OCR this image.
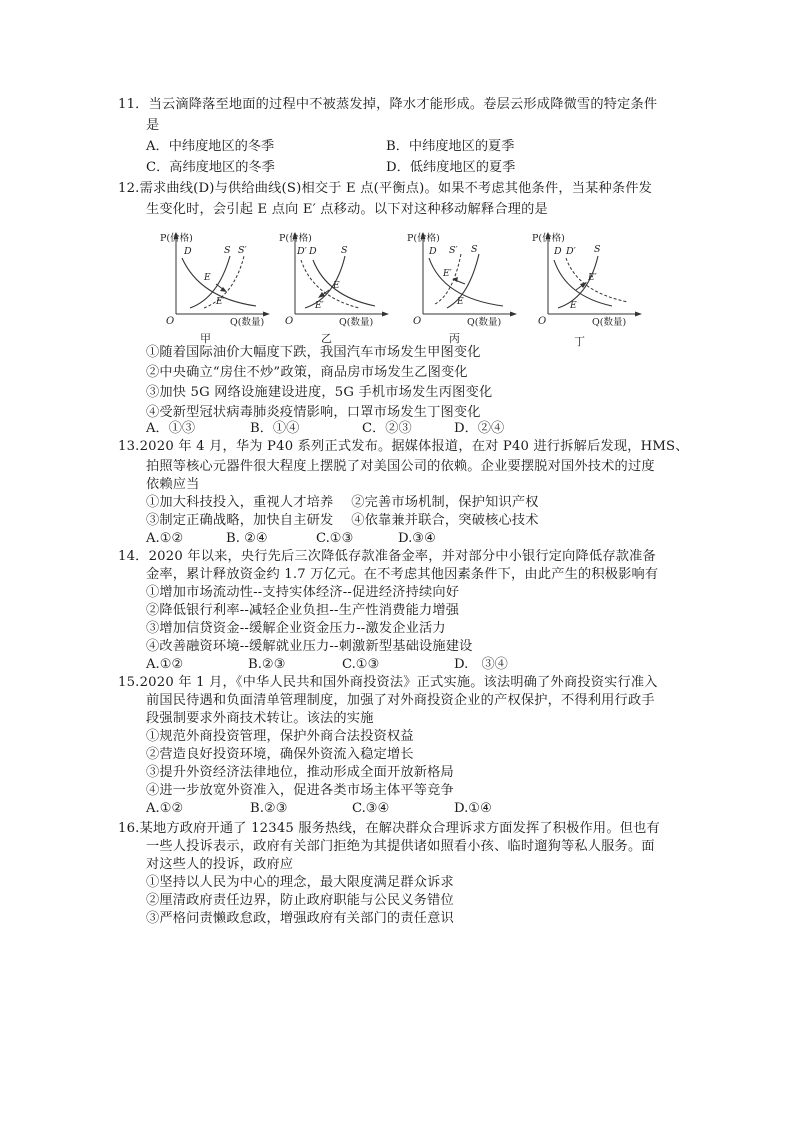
11．当云滴降落至地面的过程中不被蒸发掉，降水才能形成。卷层云形成降微雪的特定条件
是
A．中纬度地区的冬季	B．中纬度地区的夏季
C．高纬度地区的冬季	D．低纬度地区的夏季
12.需求曲线(D)与供给曲线(S)相交于 E 点(平衡点)。如果不考虑其他条件，当某种条件发
生变化时，会引起 E 点向 E′ 点移动。以下对这种移动解释合理的是
P(价格)
O	Q(数量)
D	S S′
E
E′
甲
P(价格)
O	Q(数量)
D′ D	S
E
E′
乙
P(价格)
O	Q(数量)
D S′ S
E′
E
丙
P(价格)
O	Q(数量)
D D′ S
E′
E
丁
①随着国际油价大幅度下跌，我国汽车市场发生甲图变化
②中央确立“房住不炒”政策，商品房市场发生乙图变化
③加快 5G 网络设施建设进度，5G 手机市场发生丙图变化
④受新型冠状病毒肺炎疫情影响，口罩市场发生丁图变化
A．①③	B．①④	C．②③	D．②④
13.2020 年 4 月，华为 P40 系列正式发布。据媒体报道，在对 P40 进行拆解后发现，HMS、
拍照等核心元器件很大程度上摆脱了对美国公司的依赖。企业要摆脱对国外技术的过度
依赖应当
①加大科技投入，重视人才培养　 ②完善市场机制，保护知识产权
③制定正确战略，加快自主研发　 ④依靠兼并联合，突破核心技术
A.①②	B. ②④	C.①③	D.③④
14．2020 年以来，央行先后三次降低存款准备金率，并对部分中小银行定向降低存款准备
金率，累计释放资金约 1.7 万亿元。在不考虑其他因素条件下，由此产生的积极影响有
①增加市场流动性--支持实体经济--促进经济持续向好
②降低银行利率--减轻企业负担--生产性消费能力增强
③增加信贷资金--缓解企业资金压力--激发企业活力
④改善融资环境--缓解就业压力--刺激新型基础设施建设
A.①②	B.②③	C.①③	D.　③④
15.2020 年 1 月，《中华人民共和国外商投资法》正式实施。该法明确了外商投资实行准入
前国民待遇和负面清单管理制度，加强了对外商投资企业的产权保护，不得利用行政手
段强制要求外商技术转让。该法的实施
①规范外商投资管理，保护外商合法投资权益
②营造良好投资环境，确保外资流入稳定增长
③提升外资经济法律地位，推动形成全面开放新格局
④进一步放宽外资准入，促进各类市场主体平等竞争
A.①②	B.②③	C.③④	D.①④
16.某地方政府开通了 12345 服务热线，在解决群众合理诉求方面发挥了积极作用。但也有
一些人投诉表示，政府有关部门拒绝为其提供诸如照看小孩、临时遛狗等私人服务。面
对这些人的投诉，政府应
①坚持以人民为中心的理念，最大限度满足群众诉求
②厘清政府责任边界，防止政府职能与公民义务错位
③严格问责懒政怠政，增强政府有关部门的责任意识
